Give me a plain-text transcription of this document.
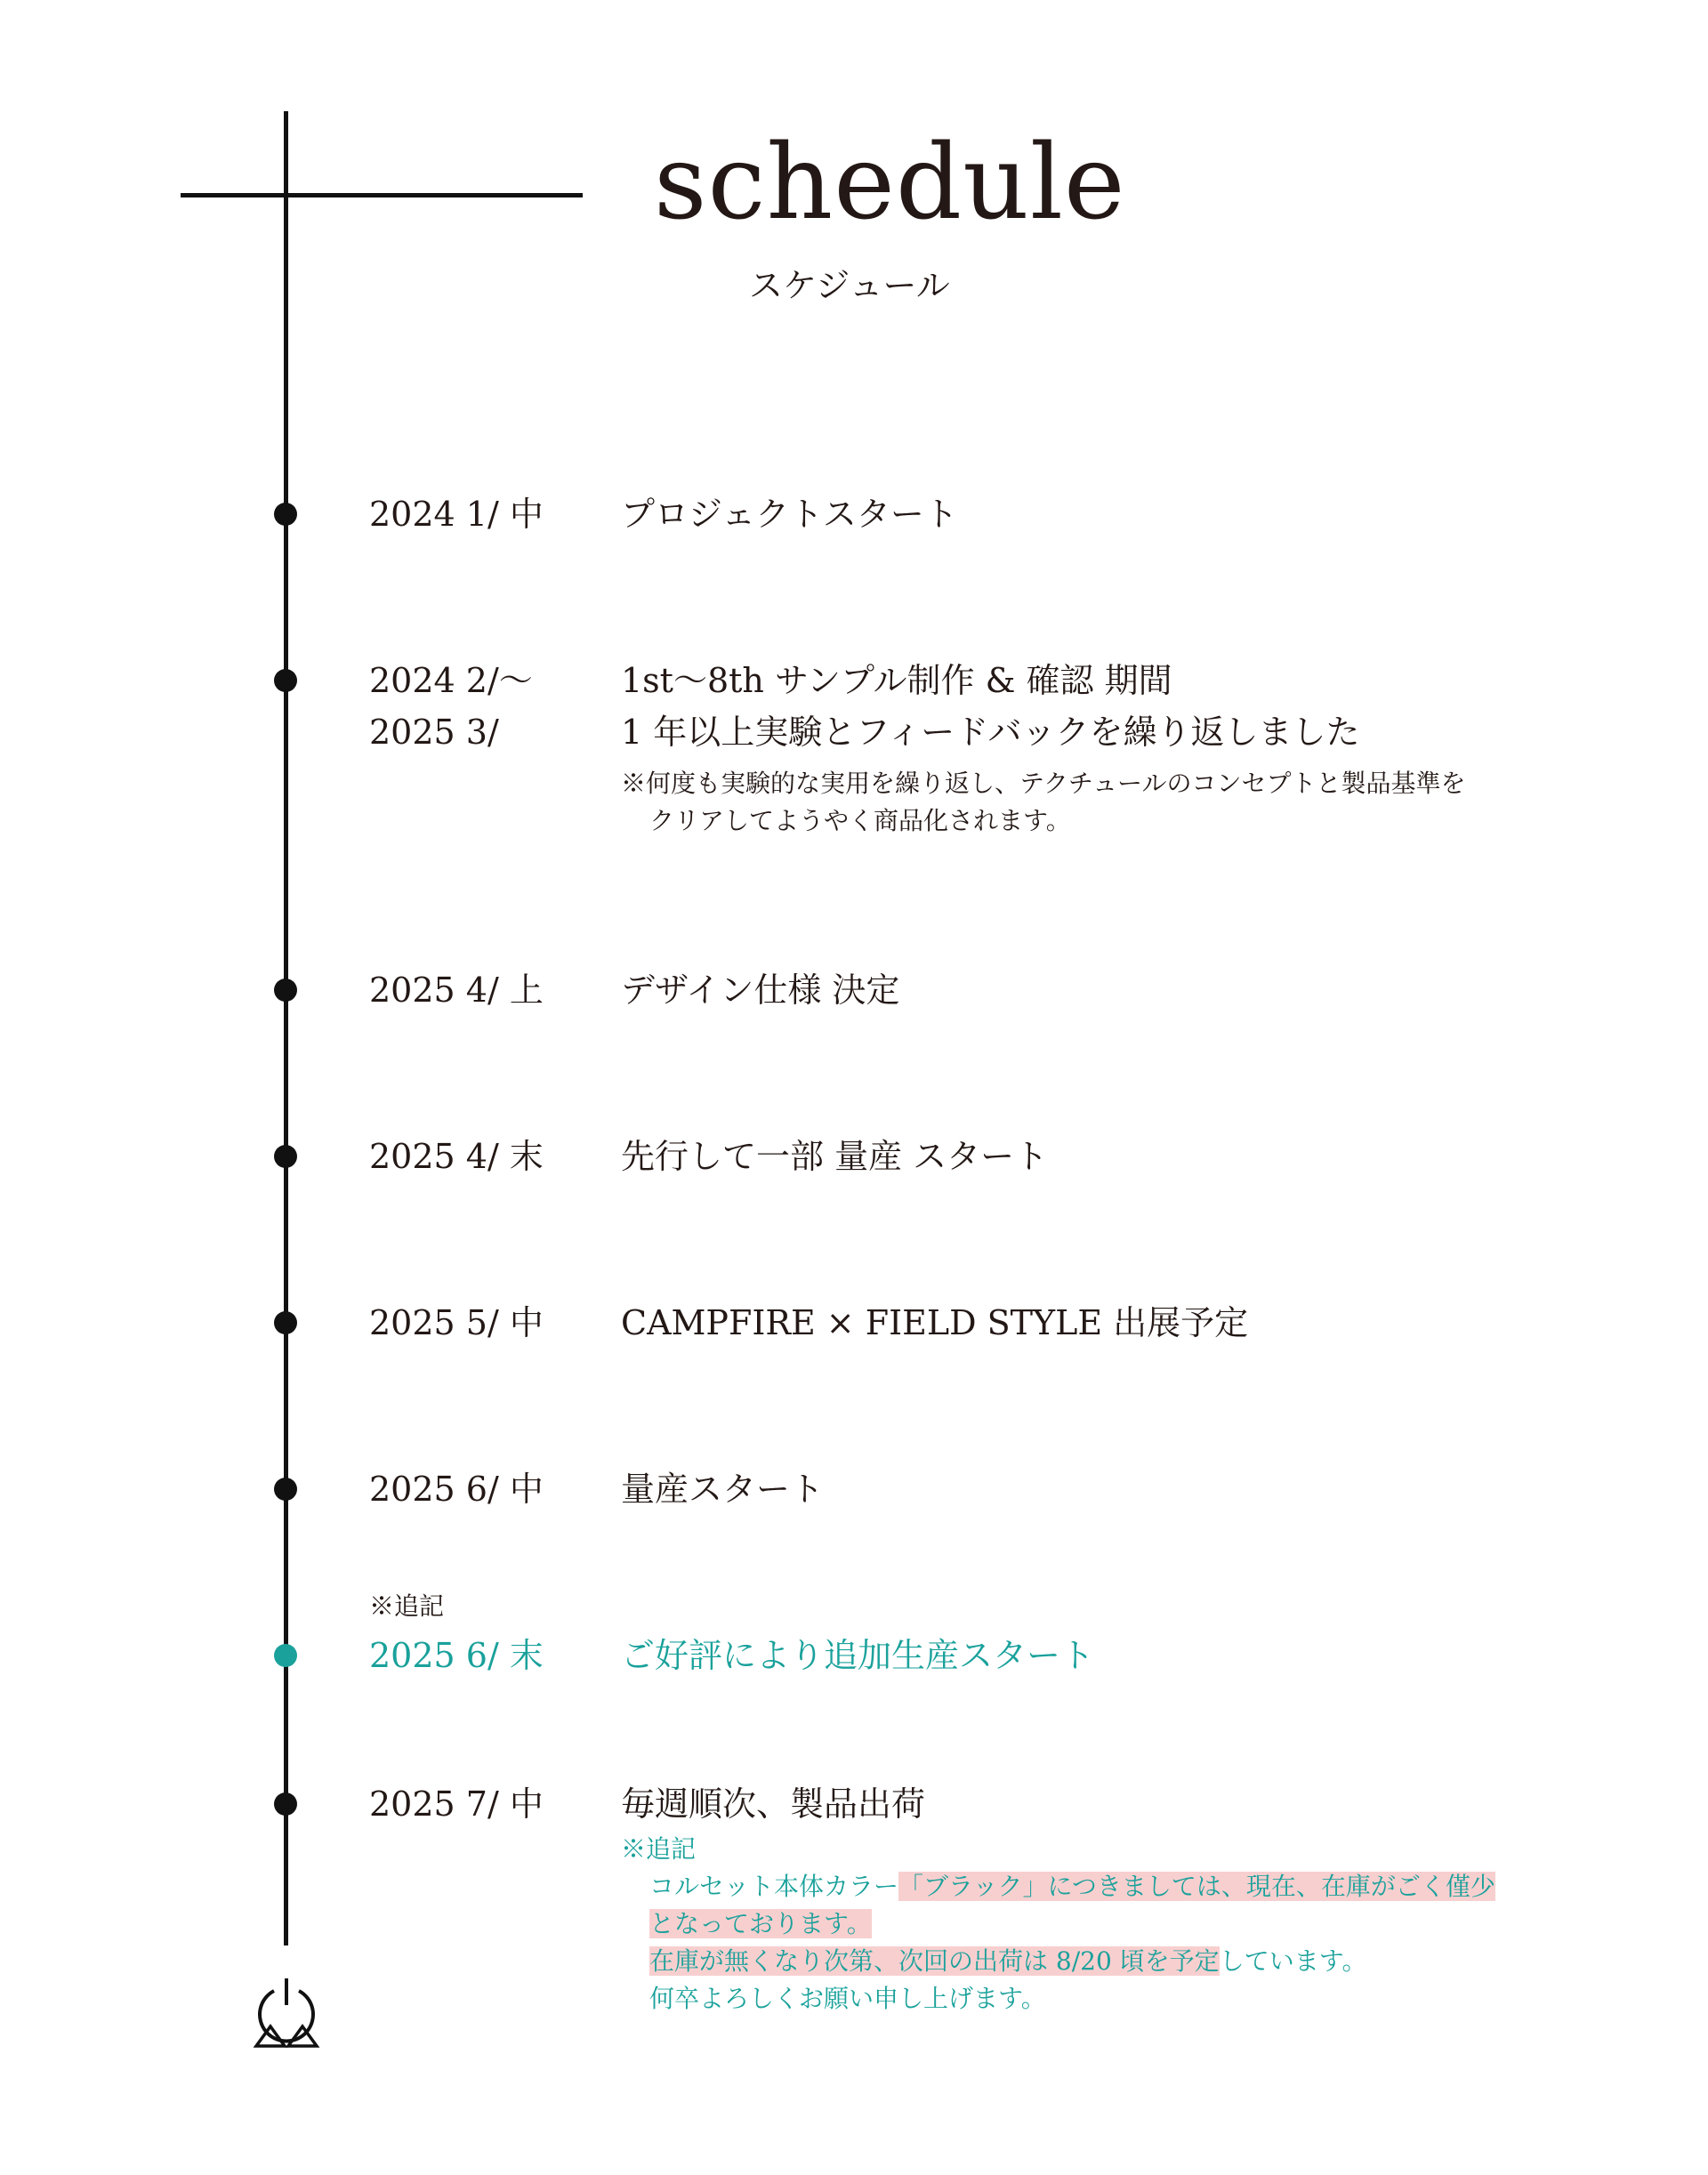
schedule
スケジュール
2024 1/ 中 プロジェクトスタート
2024 2/〜
2025 3/
1st〜8th サンプル制作 & 確認 期間
1 年以上実験とフィードバックを繰り返しました
※何度も実験的な実用を繰り返し、テクチュールのコンセプトと製品基準を
クリアしてようやく商品化されます。
2025 4/ 上 デザイン仕様 決定
2025 4/ 末 先行して一部 量産 スタート
2025 5/ 中 CAMPFIRE × FIELD STYLE 出展予定
2025 6/ 中 量産スタート
※追記
2025 6/ 末 ご好評により追加生産スタート
2025 7/ 中 毎週順次、製品出荷
※追記
コルセット本体カラー「ブラック」につきましては、現在、在庫がごく僅少
となっております。
在庫が無くなり次第、次回の出荷は 8/20 頃を予定しています。
何卒よろしくお願い申し上げます。
